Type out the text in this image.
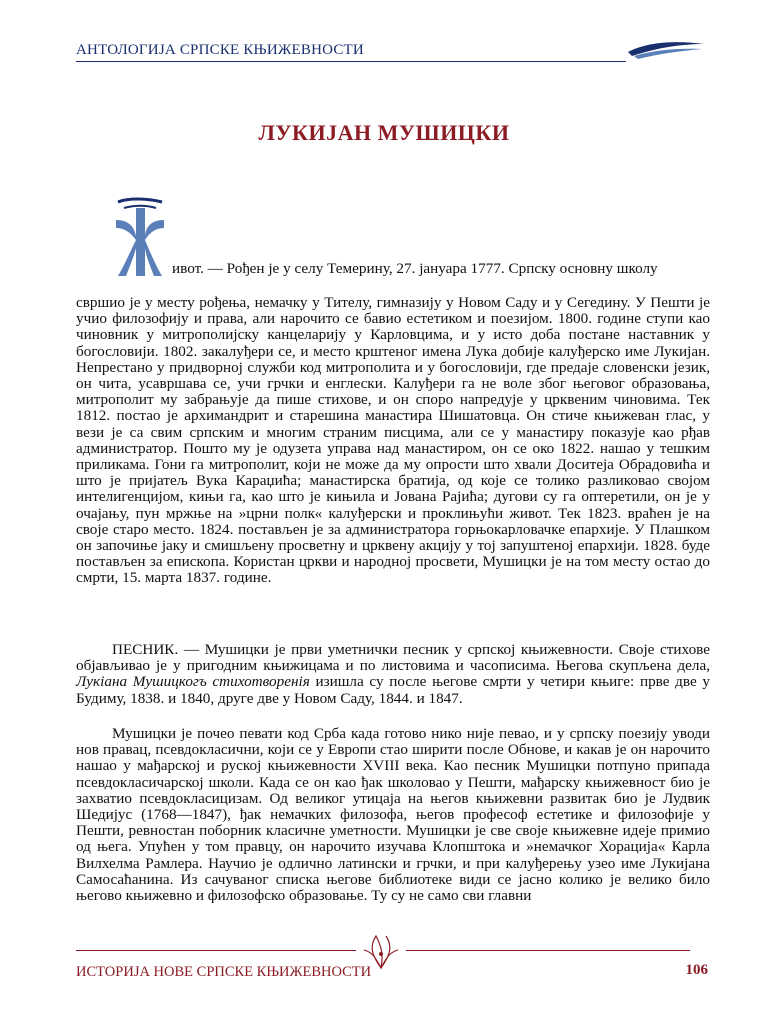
АНТОЛОГИЈА СРПСКЕ КЊИЖЕВНОСТИ
ЛУКИЈАН МУШИЦКИ
ивот. — Рођен је у селу Темерину, 27. јануара 1777. Српску основну школу
свршио је у месту рођења, немачку у Тителу, гимназију у Новом Саду и у Сегедину. У Пешти је учио филозофију и права, али нарочито се бавио естетиком и поезијом. 1800. године ступи као чиновник у митрополијску канцеларију у Карловцима, и у исто доба постане наставник у богословији. 1802. закалуђери се, и место крштеног имена Лука добије калуђерско име Лукијан. Непрестано у придворној служби код митрополита и у богословији, где предаје словенски језик, он чита, усавршава се, учи грчки и енглески. Калуђери га не воле због његовог образовања, митрополит му забрањује да пише стихове, и он споро напредује у црквеним чиновима. Тек 1812. постао је архимандрит и старешина манастира Шишатовца. Он стиче књижеван глас, у вези је са свим српским и многим страним писцима, али се у манастиру показује као рђав администратор. Пошто му је одузета управа над манастиром, он се око 1822. нашао у тешким приликама. Гони га митрополит, који не може да му опрости што хвали Доситеја Обрадовића и што је пријатељ Вука Караџића; манастирска братија, од које се толико разликовао својом интелигенцијом, кињи га, као што је кињила и Јована Рајића; дугови су га оптеретили, он је у очајању, пун мржње на »црни полк« калуђерски и проклињући живот. Тек 1823. враћен је на своје старо место. 1824. постављен је за администратора горњокарловачке епархије. У Плашком он започиње јаку и смишљену просветну и црквену акцију у тој запуштеној епархији. 1828. буде постављен за епископа. Користан цркви и народној просвети, Мушицки је на том месту остао до смрти, 15. марта 1837. године.
ПЕСНИК. — Мушицки је први уметнички песник у српској књижевности. Своје стихове објављивао је у пригодним књижицама и по листовима и часописима. Његова скупљена дела, Лукіана Мушицкогъ стихотворенія изишла су после његове смрти у четири књиге: прве две у Будиму, 1838. и 1840, друге две у Новом Саду, 1844. и 1847.
Мушицки је почео певати код Срба када готово нико није певао, и у српску поезију уводи нов правац, псевдокласични, који се у Европи стао ширити после Обнове, и какав је он нарочито нашао у мађарској и руској књижевности XVIII века. Као песник Мушицки потпуно припада псевдокласичарској школи. Када се он као ђак школовао у Пешти, мађарску књижевност био је захватио псевдокласицизам. Од великог утицаја на његов књижевни развитак био је Лудвик Шедијус (1768—1847), ђак немачких филозофа, његов професоф естетике и филозофије у Пешти, ревностан поборник класичне уметности. Мушицки је све своје књижевне идеје примио од њега. Упућен у том правцу, он нарочито изучава Клопштока и »немачког Хорација« Карла Вилхелма Рамлера. Научио је одлично латински и грчки, и при калуђерењу узео име Лукијана Самосаћанина. Из сачуваног списка његове библиотеке види се јасно колико је велико било његово књижевно и филозофско образовање. Ту су не само сви главни
ИСТОРИЈА НОВЕ СРПСКЕ КЊИЖЕВНОСТИ	106
